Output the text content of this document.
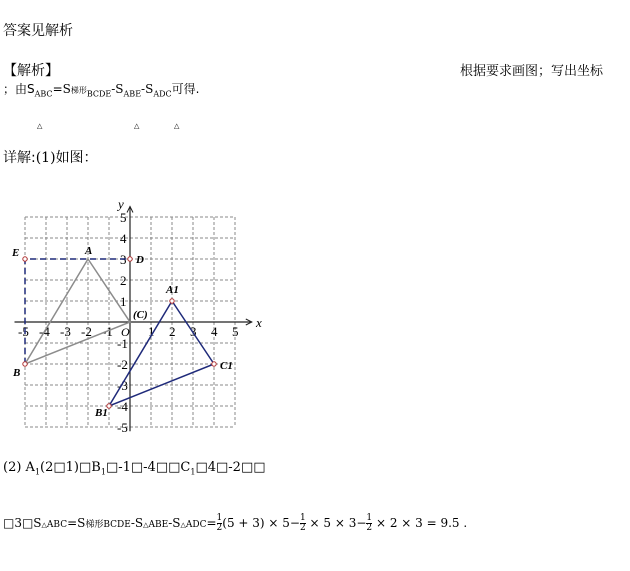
答案见解析
【解析】	根据要求画图；写出坐标
；由$S_{ABC}=S$梯形$_{BCDE}-S_{ABE}-S_{ADC}$可得.
△	△	△
详解:(1)如图：
x
y
O
-5 -4 -3 -2 -1	1 2 3 4 5
5
4
3
2
1
-1
-2
-3
-4
-5
A
B
(C)
D
E
A1
B1
C1
(2) $A_1(2□1)□B_1□-1□-4□□C_1□4□-2□□$
□3□S△ABC=S梯形BCDE-S△ABE-S△ADC= $\frac{1}{2} (5 + 3) \times 5- \frac{1}{2} \times 5 \times 3- \frac{1}{2} \times 2 \times 3 = 9.5$ .
